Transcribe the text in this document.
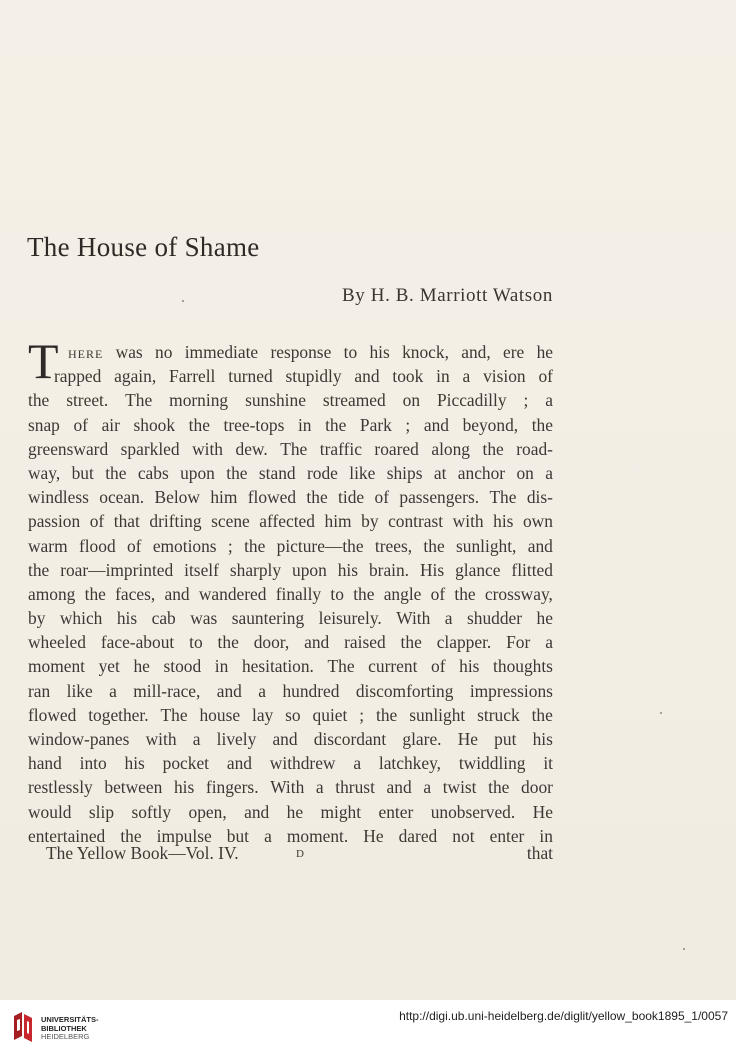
The House of Shame
By H. B. Marriott Watson
T here was no immediate response to his knock, and, ere he
rapped again, Farrell turned stupidly and took in a vision of
the street. The morning sunshine streamed on Piccadilly ; a
snap of air shook the tree-tops in the Park ; and beyond, the
greensward sparkled with dew. The traffic roared along the road-
way, but the cabs upon the stand rode like ships at anchor on a
windless ocean. Below him flowed the tide of passengers. The dis-
passion of that drifting scene affected him by contrast with his own
warm flood of emotions ; the picture—the trees, the sunlight, and
the roar—imprinted itself sharply upon his brain. His glance flitted
among the faces, and wandered finally to the angle of the crossway,
by which his cab was sauntering leisurely. With a shudder he
wheeled face-about to the door, and raised the clapper. For a
moment yet he stood in hesitation. The current of his thoughts
ran like a mill-race, and a hundred discomforting impressions
flowed together. The house lay so quiet ; the sunlight struck the
window-panes with a lively and discordant glare. He put his
hand into his pocket and withdrew a latchkey, twiddling it
restlessly between his fingers. With a thrust and a twist the door
would slip softly open, and he might enter unobserved. He
entertained the impulse but a moment. He dared not enter in
The Yellow Book—Vol. IV.	d	that
UNIVERSITÄTS-
BIBLIOTHEK
HEIDELBERG
http://digi.ub.uni-heidelberg.de/diglit/yellow_book1895_1/0057
